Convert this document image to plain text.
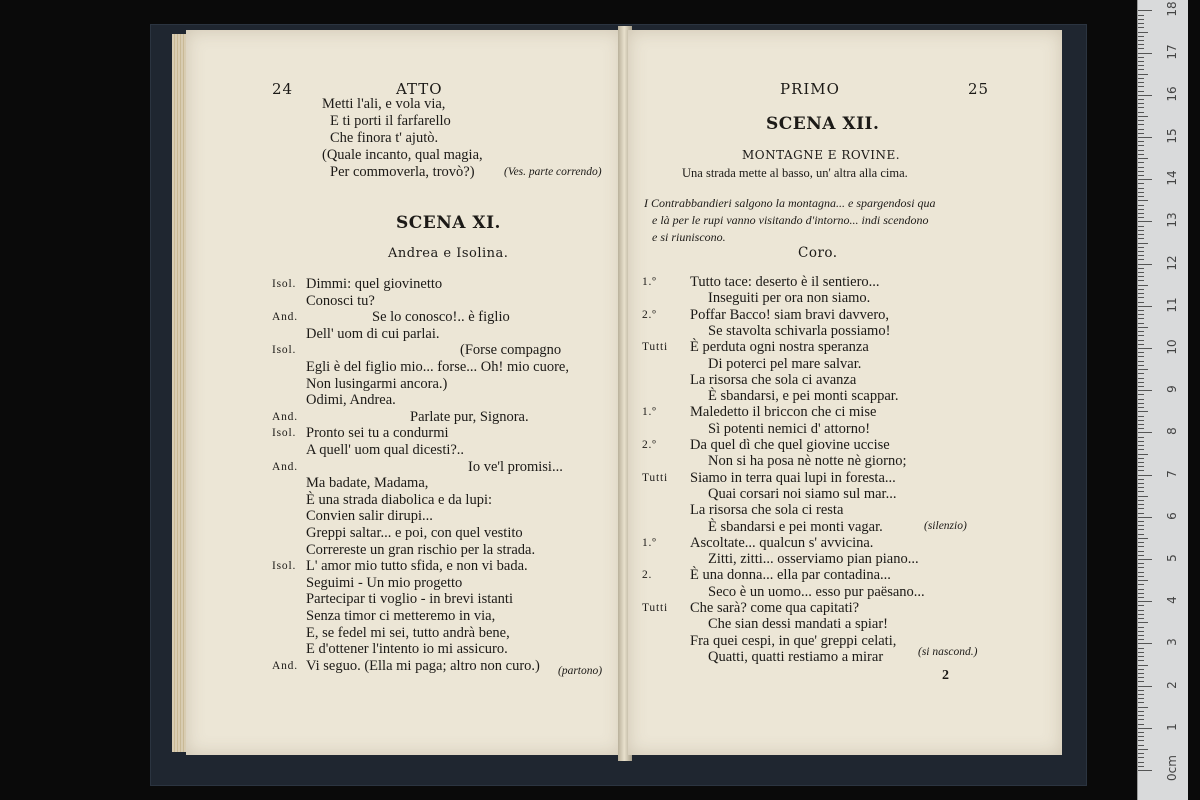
24	ATTO
Metti l'ali, e vola via,
E ti porti il farfarello
Che finora t' ajutò.
(Quale incanto, qual magia,
Per commoverla, trovò?)	(Ves. parte correndo)
SCENA XI.
Andrea e Isolina.
Isol. Dimmi: quel giovinetto
Conosci tu?
And.	Se lo conosco!.. è figlio
Dell' uom di cui parlai.
Isol.	(Forse compagno
Egli è del figlio mio... forse... Oh! mio cuore,
Non lusingarmi ancora.)
Odimi, Andrea.
And.	Parlate pur, Signora.
Isol. Pronto sei tu a condurmi
A quell' uom qual dicesti?..
And.	Io ve'l promisi...
Ma badate, Madama,
È una strada diabolica e da lupi:
Convien salir dirupi...
Greppi saltar... e poi, con quel vestito
Correreste un gran rischio per la strada.
Isol. L' amor mio tutto sfida, e non vi bada.
Seguimi - Un mio progetto
Partecipar ti voglio - in brevi istanti
Senza timor ci metteremo in via,
E, se fedel mi sei, tutto andrà bene,
E d'ottener l'intento io mi assicuro.
And. Vi seguo. (Ella mi paga; altro non curo.) (partono)
PRIMO	25
SCENA XII.
MONTAGNE E ROVINE.
Una strada mette al basso, un' altra alla cima.
I Contrabbandieri salgono la montagna... e spargendosi qua
e là per le rupi vanno visitando d'intorno... indi scendono
e si riuniscono.
Coro.
1.º Tutto tace: deserto è il sentiero...
Inseguiti per ora non siamo.
2.º Poffar Bacco! siam bravi davvero,
Se stavolta schivarla possiamo!
Tutti È perduta ogni nostra speranza
Di poterci pel mare salvar.
La risorsa che sola ci avanza
È sbandarsi, e pei monti scappar.
1.º Maledetto il briccon che ci mise
Sì potenti nemici d' attorno!
2.º Da quel dì che quel giovine uccise
Non si ha posa nè notte nè giorno;
Tutti Siamo in terra quai lupi in foresta...
Quai corsari noi siamo sul mar...
La risorsa che sola ci resta
È sbandarsi e pei monti vagar.
1.º Ascoltate... qualcun s' avvicina.
Zitti, zitti... osserviamo pian piano...
2.	È una donna... ella par contadina...
Seco è un uomo... esso pur paësano...
Tutti Che sarà? come qua capitati?
Che sian dessi mandati a spiar!
Fra quei cespi, in que' greppi celati,
Quatti, quatti restiamo a mirar
(silenzio)
(si nascond.)
2
0cm
1
2
3
4
5
6
7
8
9
10
11
12
13
14
15
16
17
18
